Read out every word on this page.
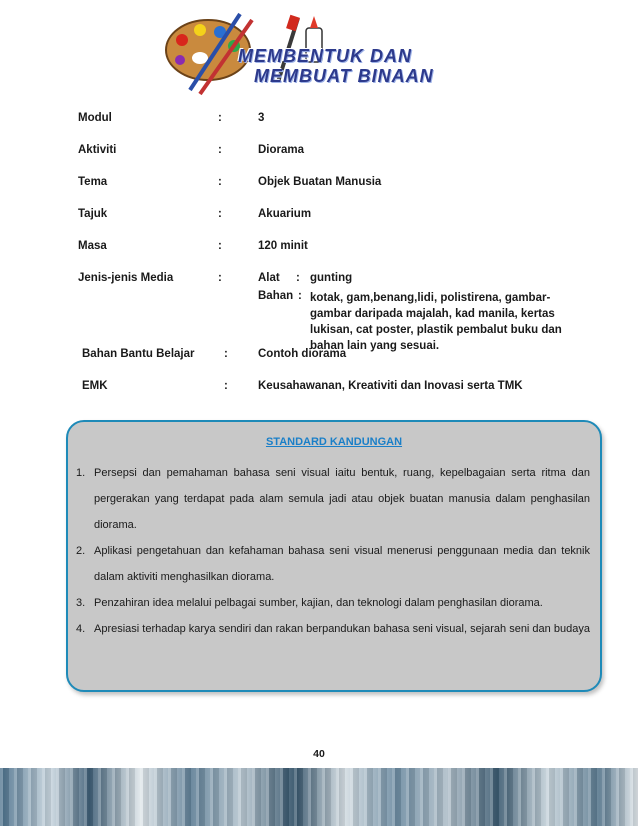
MEMBENTUK DAN
MEMBUAT BINAAN
Modul	:	3
Aktiviti	:	Diorama
Tema	:	Objek Buatan Manusia
Tajuk	:	Akuarium
Masa	:	120 minit
Jenis-jenis Media	:	Alat : gunting
Bahan : kotak, gam,benang,lidi, polistirena, gambar-gambar daripada majalah, kad manila, kertas lukisan, cat poster, plastik pembalut buku dan bahan lain yang sesuai.
Bahan Bantu Belajar	:	Contoh diorama
EMK	:	Keusahawanan, Kreativiti dan Inovasi serta TMK
STANDARD KANDUNGAN
1. Persepsi dan pemahaman bahasa seni visual iaitu bentuk, ruang, kepelbagaian serta ritma dan pergerakan yang terdapat pada alam semula jadi atau objek buatan manusia dalam penghasilan diorama.
2. Aplikasi pengetahuan dan kefahaman bahasa seni visual menerusi penggunaan media dan teknik dalam aktiviti menghasilkan diorama.
3. Penzahiran idea melalui pelbagai sumber, kajian, dan teknologi dalam penghasilan diorama.
4. Apresiasi terhadap karya sendiri dan rakan berpandukan bahasa seni visual, sejarah seni dan budaya
40
